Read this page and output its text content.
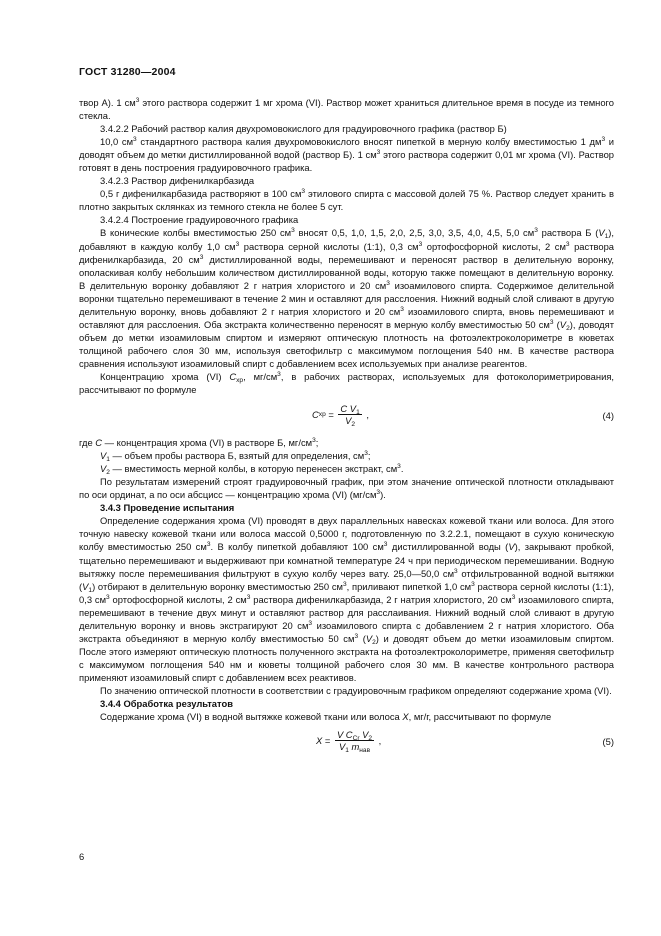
ГОСТ 31280—2004

твор А). 1 $см^3$ этого раствора содержит 1 мг хрома (VI). Раствор может храниться длительное время в посуде из темного стекла.

3.4.2.2 Рабочий раствор калия двухромовокислого для градуировочного графика (раствор Б)

10,0 $см^3$ стандартного раствора калия двухромовокислого вносят пипеткой в мерную колбу вместимостью 1 $дм^3$ и доводят объем до метки дистиллированной водой (раствор Б). 1 $см^3$ этого раствора содержит 0,01 мг хрома (VI). Раствор готовят в день построения градуировочного графика.

3.4.2.3 Раствор дифенилкарбазида

0,5 г дифенилкарбазида растворяют в 100 $см^3$ этилового спирта с массовой долей 75 %. Раствор следует хранить в плотно закрытых склянках из темного стекла не более 5 сут.

3.4.2.4 Построение градуировочного графика

В конические колбы вместимостью 250 $см^3$ вносят 0,5, 1,0, 1,5, 2,0, 2,5, 3,0, 3,5, 4,0, 4,5, 5,0 $см^3$ раствора Б $(V_1)$, добавляют в каждую колбу 1,0 $см^3$ раствора серной кислоты (1:1), 0,3 $см^3$ ортофосфорной кислоты, 2 $см^3$ раствора дифенилкарбазида, 20 $см^3$ дистиллированной воды, перемешивают и переносят раствор в делительную воронку, ополаскивая колбу небольшим количеством дистиллированной воды, которую также помещают в делительную воронку. В делительную воронку добавляют 2 г натрия хлористого и 20 $см^3$ изоамилового спирта. Содержимое делительной воронки тщательно перемешивают в течение 2 мин и оставляют для расслоения. Нижний водный слой сливают в другую делительную воронку, вновь добавляют 2 г натрия хлористого и 20 $см^3$ изоамилового спирта, вновь перемешивают и оставляют для расслоения. Оба экстракта количественно переносят в мерную колбу вместимостью 50 $см^3$ $(V_2)$, доводят объем до метки изоамиловым спиртом и измеряют оптическую плотность на фотоэлектроколориметре в кюветах толщиной рабочего слоя 30 мм, используя светофильтр с максимумом поглощения 540 нм. В качестве раствора сравнения используют изоамиловый спирт с добавлением всех используемых при анализе реагентов.

Концентрацию хрома (VI) $C_{хр}$, $мг/см^3$, в рабочих растворах, используемых для фотоколориметрирования, рассчитывают по формуле

C хр = $\frac{C V_1}{V_2}$ ,	(4)

где C — концентрация хрома (VI) в растворе Б, $мг/см^3$;

$V_1$ — объем пробы раствора Б, взятый для определения, $см^3$;

$V_2$ — вместимость мерной колбы, в которую перенесен экстракт, $см^3$.

По результатам измерений строят градуировочный график, при этом значение оптической плотности откладывают по оси ординат, а по оси абсцисс — концентрацию хрома (VI) $(мг/см^3)$.

3.4.3 Проведение испытания

Определение содержания хрома (VI) проводят в двух параллельных навесках кожевой ткани или волоса. Для этого точную навеску кожевой ткани или волоса массой 0,5000 г, подготовленную по 3.2.2.1, помещают в сухую коническую колбу вместимостью 250 $см^3$. В колбу пипеткой добавляют 100 $см^3$ дистиллированной воды (V), закрывают пробкой, тщательно перемешивают и выдерживают при комнатной температуре 24 ч при периодическом перемешивании. Водную вытяжку после перемешивания фильтруют в сухую колбу через вату. 25,0—50,0 $см^3$ отфильтрованной водной вытяжки $(V_1)$ отбирают в делительную воронку вместимостью 250 $см^3$, приливают пипеткой 1,0 $см^3$ раствора серной кислоты (1:1), 0,3 $см^3$ ортофосфорной кислоты, 2 $см^3$ раствора дифенилкарбазида, 2 г натрия хлористого, 20 $см^3$ изоамилового спирта, перемешивают в течение двух минут и оставляют раствор для расслаивания. Нижний водный слой сливают в другую делительную воронку и вновь экстрагируют 20 $см^3$ изоамилового спирта с добавлением 2 г натрия хлористого. Оба экстракта объединяют в мерную колбу вместимостью 50 $см^3$ $(V_2)$ и доводят объем до метки изоамиловым спиртом. После этого измеряют оптическую плотность полученного экстракта на фотоэлектроколориметре, применяя светофильтр с максимумом поглощения 540 нм и кюветы толщиной рабочего слоя 30 мм. В качестве контрольного раствора применяют изоамиловый спирт с добавлением всех реактивов.

По значению оптической плотности в соответствии с градуировочным графиком определяют содержание хрома (VI).

3.4.4 Обработка результатов

Содержание хрома (VI) в водной вытяжке кожевой ткани или волоса X, мг/г, рассчитывают по формуле

$X = \frac{V C_{Cr} V_2}{V_1 m_{нав}}$ ,	(5)
6
